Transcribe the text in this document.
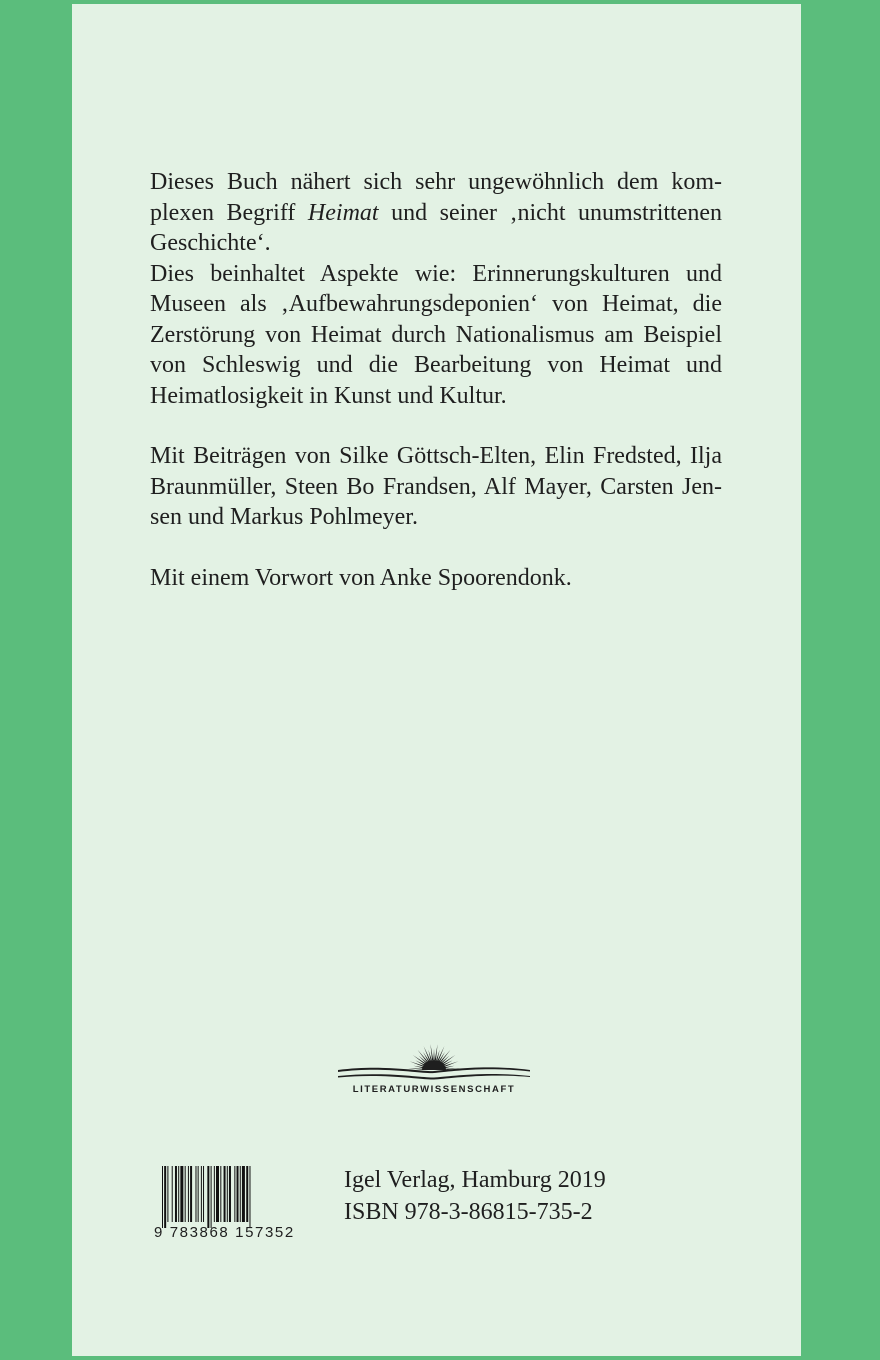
Dieses Buch nähert sich sehr ungewöhnlich dem komplexen Begriff Heimat und seiner ‚nicht unumstrittenen Geschichte‘.

Dies beinhaltet Aspekte wie: Erinnerungskulturen und Museen als ‚Aufbewahrungsdeponien‘ von Heimat, die Zerstörung von Heimat durch Nationalismus am Beispiel von Schleswig und die Bearbeitung von Heimat und Heimatlosigkeit in Kunst und Kultur.

Mit Beiträgen von Silke Göttsch-Elten, Elin Fredsted, Ilja Braunmüller, Steen Bo Frandsen, Alf Mayer, Carsten Jensen und Markus Pohlmeyer.

Mit einem Vorwort von Anke Spoorendonk.

LITERATURWISSENSCHAFT
9 783868 157352
Igel Verlag, Hamburg 2019
ISBN 978-3-86815-735-2
